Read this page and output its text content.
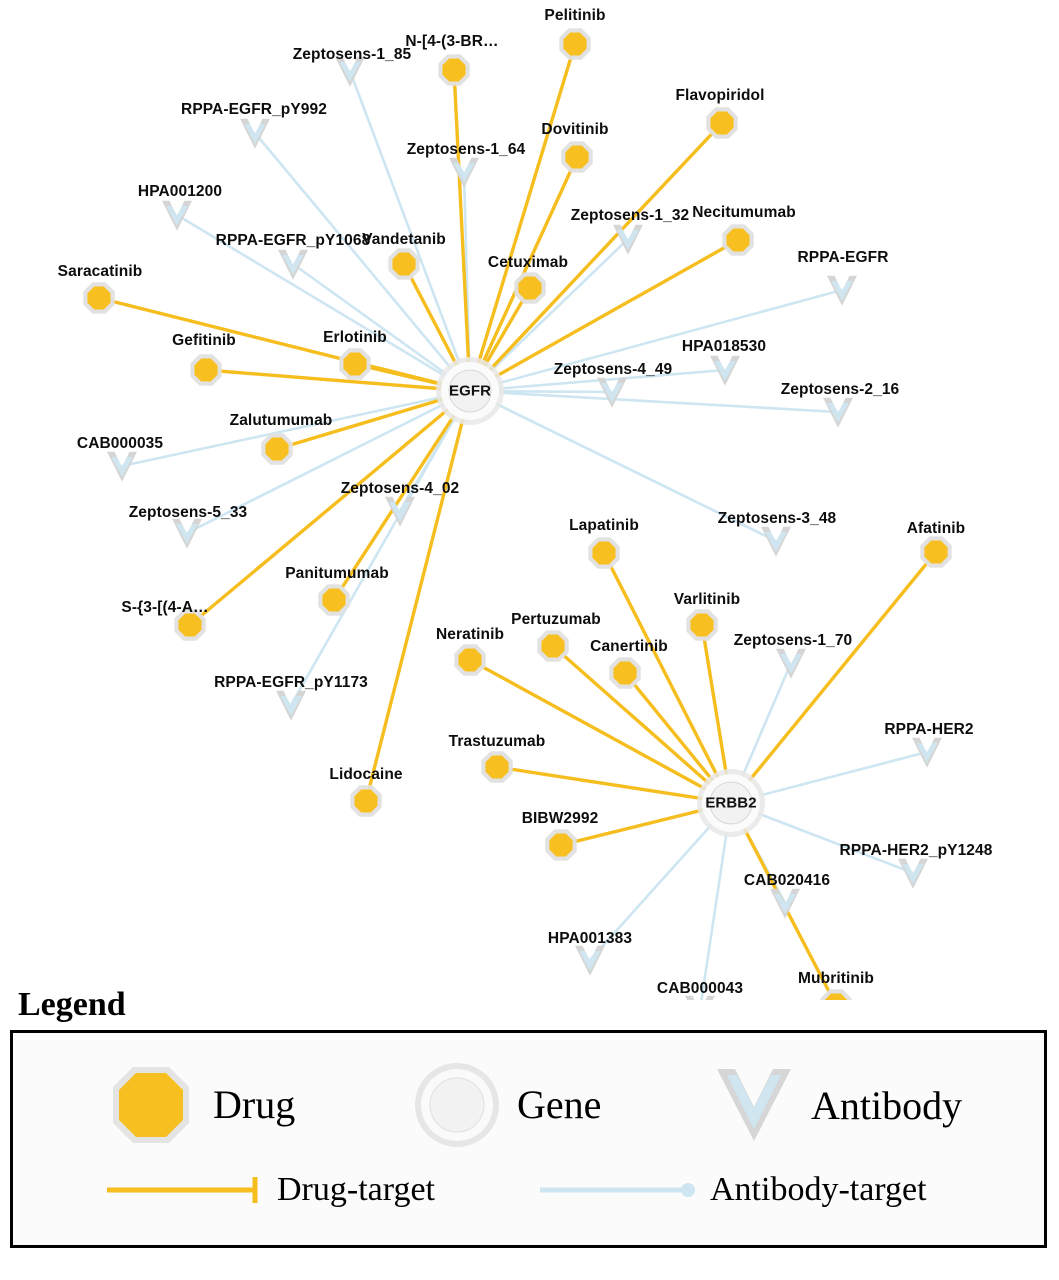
Zeptosens-1_85
RPPA-EGFR_pY992
Zeptosens-1_64
HPA001200
Zeptosens-1_32
RPPA-EGFR_pY1068
RPPA-EGFR
HPA018530
Zeptosens-4_49
Zeptosens-2_16
CAB000035
Zeptosens-4_02
Zeptosens-5_33	Zeptosens-3_48
Zeptosens-1_70
RPPA-EGFR_pY1173
RPPA-HER2
RPPA-HER2_pY1248
CAB020416
HPA001383
CAB000043
Pelitinib
N-[4-(3-BR…
Flavopiridol
Dovitinib
Necitumumab
Vandetanib
Cetuximab
Saracatinib
Erlotinib
Gefitinib
Zalutumumab
Afatinib
Lapatinib
Panitumumab
S-{3-[(4-A…	Varlitinib
Pertuzumab
Neratinib
Canertinib
Trastuzumab
Lidocaine
BIBW2992
Mubritinib
EGFR
ERBB2
Legend
Drug	Gene	Antibody
Drug-target	Antibody-target
